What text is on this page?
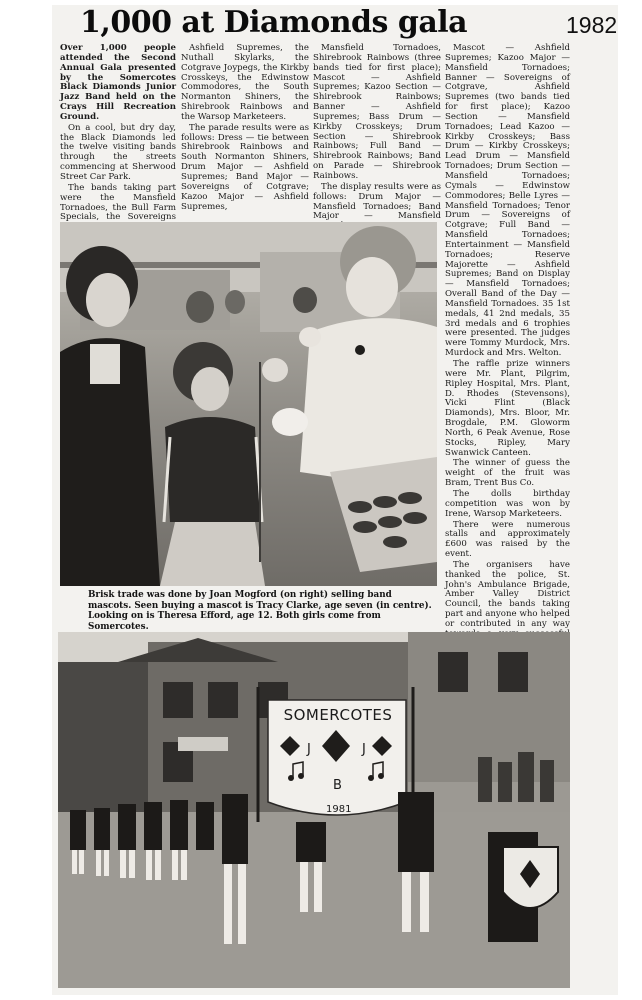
1,000 at Diamonds gala	1982

Over 1,000 people attended the Second Annual Gala presented by the Somercotes Black Diamonds Junior Jazz Band held on the Crays Hill Recreation Ground.

On a cool, but dry day, the Black Diamonds led the twelve visiting bands through the streets commencing at Sherwood Street Car Park.

The bands taking part were the Mansfield Tornadoes, the Bull Farm Specials, the Sovereigns

Ashfield Supremes, the Nuthall Skylarks, the Cotgrave Joypegs, the Kirkby Crosskeys, the Edwinstow Commodores, the South Normanton Shiners, the Shirebrook Rainbows and the Warsop Marketeers.

The parade results were as follows: Dress — tie between Shirebrook Rainbows and South Normanton Shiners, Drum Major — Ashfield Supremes; Band Major — Sovereigns of Cotgrave; Kazoo Major — Ashfield Supremes,

Mansfield Tornadoes, Shirebrook Rainbows (three bands tied for first place); Mascot — Ashfield Supremes; Kazoo Section — Shirebrook Rainbows; Banner — Ashfield Supremes; Bass Drum — Kirkby Crosskeys; Drum Section — Shirebrook Rainbows; Full Band — Shirebrook Rainbows; Band on Parade — Shirebrook Rainbows.

The display results were as follows: Drum Major — Mansfield Tornadoes; Band Major — Mansfield

Mascot — Ashfield Supremes; Kazoo Major — Mansfield Tornadoes; Banner — Sovereigns of Cotgrave, Ashfield Supremes (two bands tied for first place); Kazoo Section — Mansfield Tornadoes; Lead Kazoo — Kirkby Crosskeys; Bass Drum — Kirkby Crosskeys; Lead Drum — Mansfield Tornadoes; Drum Section — Mansfield Tornadoes; Cymals — Edwinstow Commodores; Belle Lyres — Mansfield Tornadoes; Tenor Drum — Sovereigns of Cotgrave; Full Band — Mansfield Tornadoes; Entertainment — Mansfield Tornadoes; Reserve Majorette — Ashfield Supremes; Band on Display — Mansfield Tornadoes; Overall Band of the Day — Mansfield Tornadoes. 35 1st medals, 41 2nd medals, 35 3rd medals and 6 trophies were presented. The judges were Tommy Murdock, Mrs. Murdock and Mrs. Welton.

The raffle prize winners were Mr. Plant, Pilgrim, Ripley Hospital, Mrs. Plant, D. Rhodes (Stevensons), Vicki Flint (Black Diamonds), Mrs. Bloor, Mr. Brogdale, P.M. Gloworm North, 6 Peak Avenue, Rose Stocks, Ripley, Mary Swanwick Canteen.

The winner of guess the weight of the fruit was Bram, Trent Bus Co.

The dolls birthday competition was won by Irene, Warsop Marketeers.

There were numerous stalls and approximately £600 was raised by the event.

The organisers have thanked the police, St. John's Ambulance Brigade, Amber Valley District Council, the bands taking part and anyone who helped or contributed in any way

Brisk trade was done by Joan Mogford (on right) selling band mascots. Seen buying a mascot is Tracy Clarke, age seven (in centre). Looking on is Theresa Efford, age 12. Both girls come from Somercotes.
SOMERCOTES
J	J
B
1981
